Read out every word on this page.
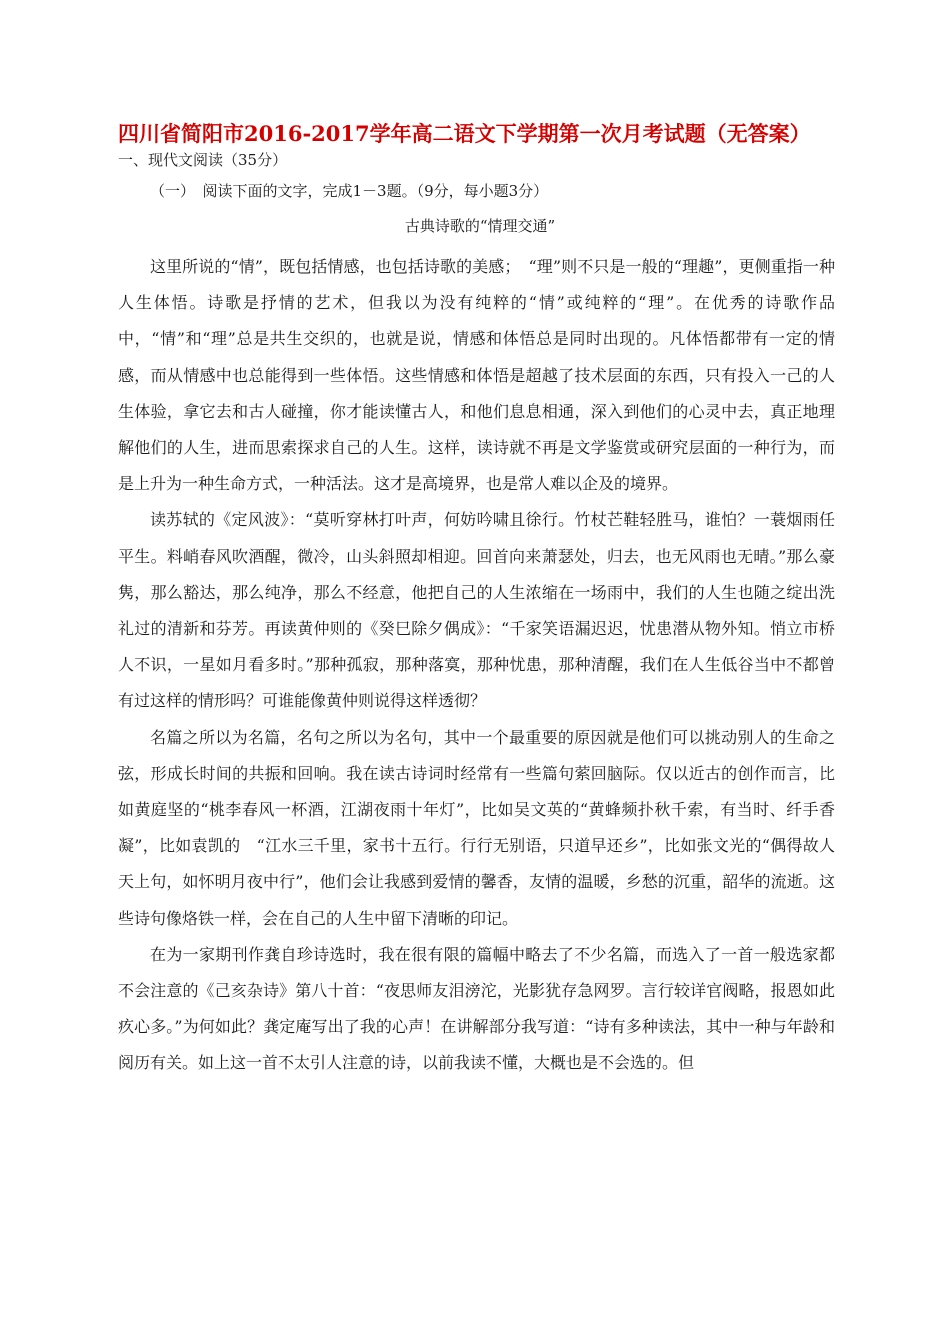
四川省简阳市2016-2017学年高二语文下学期第一次月考试题（无答案）
一、现代文阅读（35分）
（一）　阅读下面的文字，完成1－3题。（9分，每小题3分）
古典诗歌的“情理交通”

这里所说的“情”，既包括情感，也包括诗歌的美感；　“理”则不只是一般的“理趣”，更侧重指一种人生体悟。诗歌是抒情的艺术，但我以为没有纯粹的“情”或纯粹的“理”。在优秀的诗歌作品中，“情”和“理”总是共生交织的，也就是说，情感和体悟总是同时出现的。凡体悟都带有一定的情感，而从情感中也总能得到一些体悟。这些情感和体悟是超越了技术层面的东西，只有投入一己的人生体验，拿它去和古人碰撞，你才能读懂古人，和他们息息相通，深入到他们的心灵中去，真正地理解他们的人生，进而思索探求自己的人生。这样，读诗就不再是文学鉴赏或研究层面的一种行为，而是上升为一种生命方式，一种活法。这才是高境界，也是常人难以企及的境界。

读苏轼的《定风波》：“莫听穿林打叶声，何妨吟啸且徐行。竹杖芒鞋轻胜马，谁怕？一蓑烟雨任平生。料峭春风吹酒醒，微冷，山头斜照却相迎。回首向来萧瑟处，归去，也无风雨也无晴。”那么豪隽，那么豁达，那么纯净，那么不经意，他把自己的人生浓缩在一场雨中，我们的人生也随之绽出洗礼过的清新和芬芳。再读黄仲则的《癸巳除夕偶成》：“千家笑语漏迟迟，忧患潜从物外知。悄立市桥人不识，一星如月看多时。”那种孤寂，那种落寞，那种忧患，那种清醒，我们在人生低谷当中不都曾有过这样的情形吗？可谁能像黄仲则说得这样透彻？

名篇之所以为名篇，名句之所以为名句，其中一个最重要的原因就是他们可以挑动别人的生命之弦，形成长时间的共振和回响。我在读古诗词时经常有一些篇句萦回脑际。仅以近古的创作而言，比如黄庭坚的“桃李春风一杯酒，江湖夜雨十年灯”，比如吴文英的“黄蜂频扑秋千索，有当时、纤手香凝”，比如袁凯的　“江水三千里，家书十五行。行行无别语，只道早还乡”，比如张文光的“偶得故人天上句，如怀明月夜中行”，他们会让我感到爱情的馨香，友情的温暖，乡愁的沉重，韶华的流逝。这些诗句像烙铁一样，会在自己的人生中留下清晰的印记。

在为一家期刊作龚自珍诗选时，我在很有限的篇幅中略去了不少名篇，而选入了一首一般选家都不会注意的《己亥杂诗》第八十首：“夜思师友泪滂沱，光影犹存急网罗。言行较详官阀略，报恩如此疚心多。”为何如此？龚定庵写出了我的心声！在讲解部分我写道：“诗有多种读法，其中一种与年龄和阅历有关。如上这一首不太引人注意的诗，以前我读不懂，大概也是不会选的。但
